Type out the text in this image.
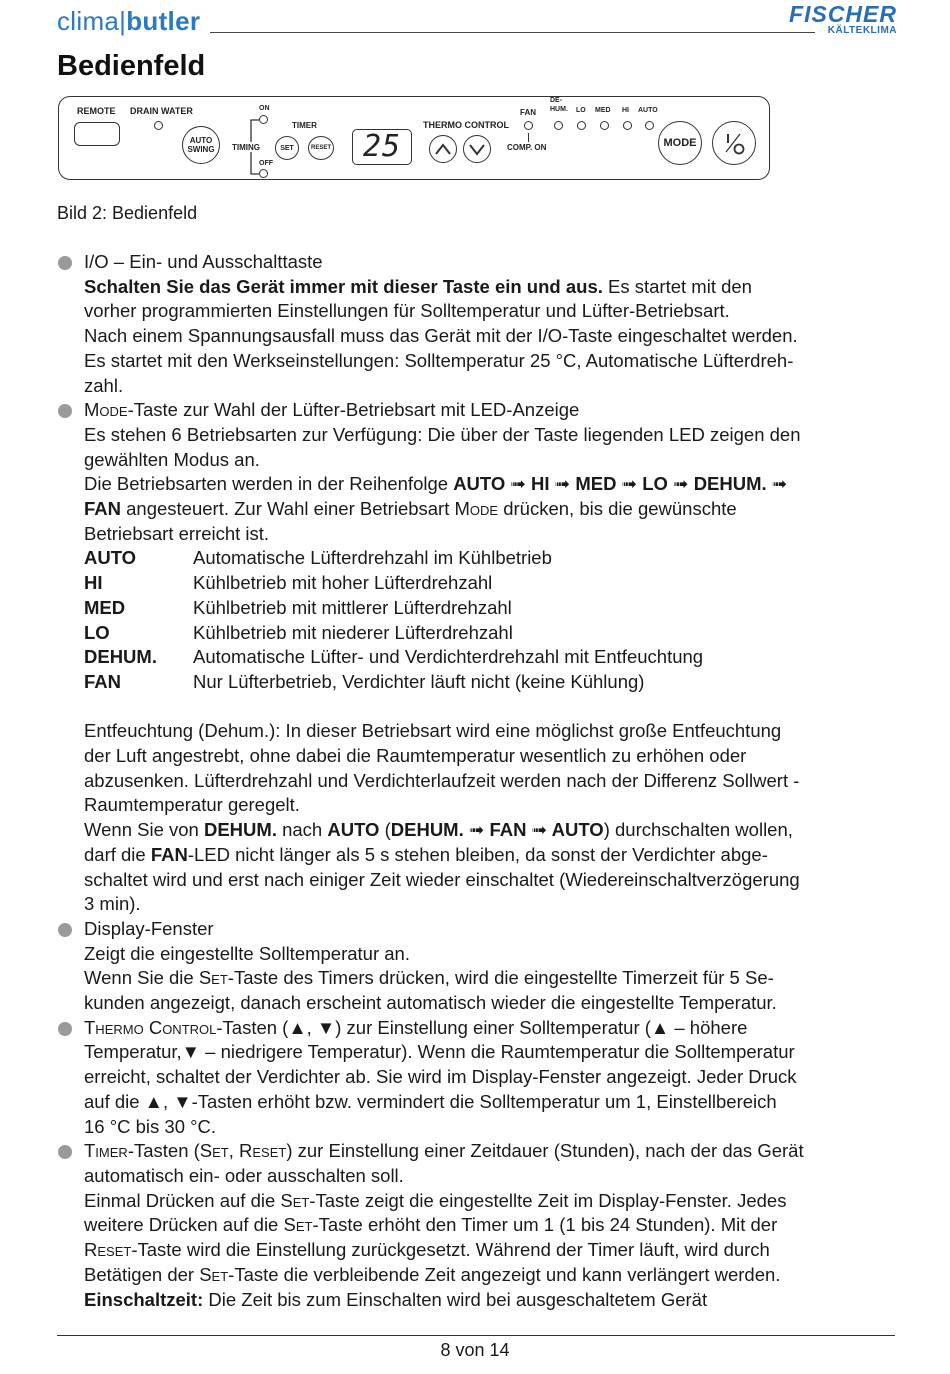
clima|butler	FISCHER
KÄLTEKLIMA
Bedienfeld
REMOTE DRAIN WATER
AUTO
SWING
ON
OFF
TIMING
TIMER
SET	RESET	25
THERMO CONTROL
FAN
COMP. ON
DE-
HUM. LO MED HI AUTO
MODE
Bild 2: Bedienfeld
I/O – Ein- und Ausschalttaste
Schalten Sie das Gerät immer mit dieser Taste ein und aus. Es startet mit den
vorher programmierten Einstellungen für Solltemperatur und Lüfter-Betriebsart.
Nach einem Spannungsausfall muss das Gerät mit der I/O-Taste eingeschaltet werden.
Es startet mit den Werkseinstellungen: Solltemperatur 25 °C, Automatische Lüfterdreh-
zahl.
Mode-Taste zur Wahl der Lüfter-Betriebsart mit LED-Anzeige
Es stehen 6 Betriebsarten zur Verfügung: Die über der Taste liegenden LED zeigen den
gewählten Modus an.
Die Betriebsarten werden in der Reihenfolge AUTO ➟ HI ➟ MED ➟ LO ➟ DEHUM. ➟
FAN angesteuert. Zur Wahl einer Betriebsart Mode drücken, bis die gewünschte
Betriebsart erreicht ist.
AUTO	Automatische Lüfterdrehzahl im Kühlbetrieb
HI	Kühlbetrieb mit hoher Lüfterdrehzahl
MED	Kühlbetrieb mit mittlerer Lüfterdrehzahl
LO	Kühlbetrieb mit niederer Lüfterdrehzahl
DEHUM.	Automatische Lüfter- und Verdichterdrehzahl mit Entfeuchtung
FAN	Nur Lüfterbetrieb, Verdichter läuft nicht (keine Kühlung)
Entfeuchtung (Dehum.): In dieser Betriebsart wird eine möglichst große Entfeuchtung
der Luft angestrebt, ohne dabei die Raumtemperatur wesentlich zu erhöhen oder
abzusenken. Lüfterdrehzahl und Verdichterlaufzeit werden nach der Differenz Sollwert -
Raumtemperatur geregelt.
Wenn Sie von DEHUM. nach AUTO (DEHUM. ➟ FAN ➟ AUTO) durchschalten wollen,
darf die FAN-LED nicht länger als 5 s stehen bleiben, da sonst der Verdichter abge-
schaltet wird und erst nach einiger Zeit wieder einschaltet (Wiedereinschaltverzögerung
3 min).
Display-Fenster
Zeigt die eingestellte Solltemperatur an.
Wenn Sie die Set-Taste des Timers drücken, wird die eingestellte Timerzeit für 5 Se-
kunden angezeigt, danach erscheint automatisch wieder die eingestellte Temperatur.
Thermo Control-Tasten (▲, ▼) zur Einstellung einer Solltemperatur (▲ – höhere
Temperatur,▼ – niedrigere Temperatur). Wenn die Raumtemperatur die Solltemperatur
erreicht, schaltet der Verdichter ab. Sie wird im Display-Fenster angezeigt. Jeder Druck
auf die ▲, ▼-Tasten erhöht bzw. vermindert die Solltemperatur um 1, Einstellbereich
16 °C bis 30 °C.
Timer-Tasten (Set, Reset) zur Einstellung einer Zeitdauer (Stunden), nach der das Gerät
automatisch ein- oder ausschalten soll.
Einmal Drücken auf die Set-Taste zeigt die eingestellte Zeit im Display-Fenster. Jedes
weitere Drücken auf die Set-Taste erhöht den Timer um 1 (1 bis 24 Stunden). Mit der
Reset-Taste wird die Einstellung zurückgesetzt. Während der Timer läuft, wird durch
Betätigen der Set-Taste die verbleibende Zeit angezeigt und kann verlängert werden.
Einschaltzeit: Die Zeit bis zum Einschalten wird bei ausgeschaltetem Gerät
8 von 14
